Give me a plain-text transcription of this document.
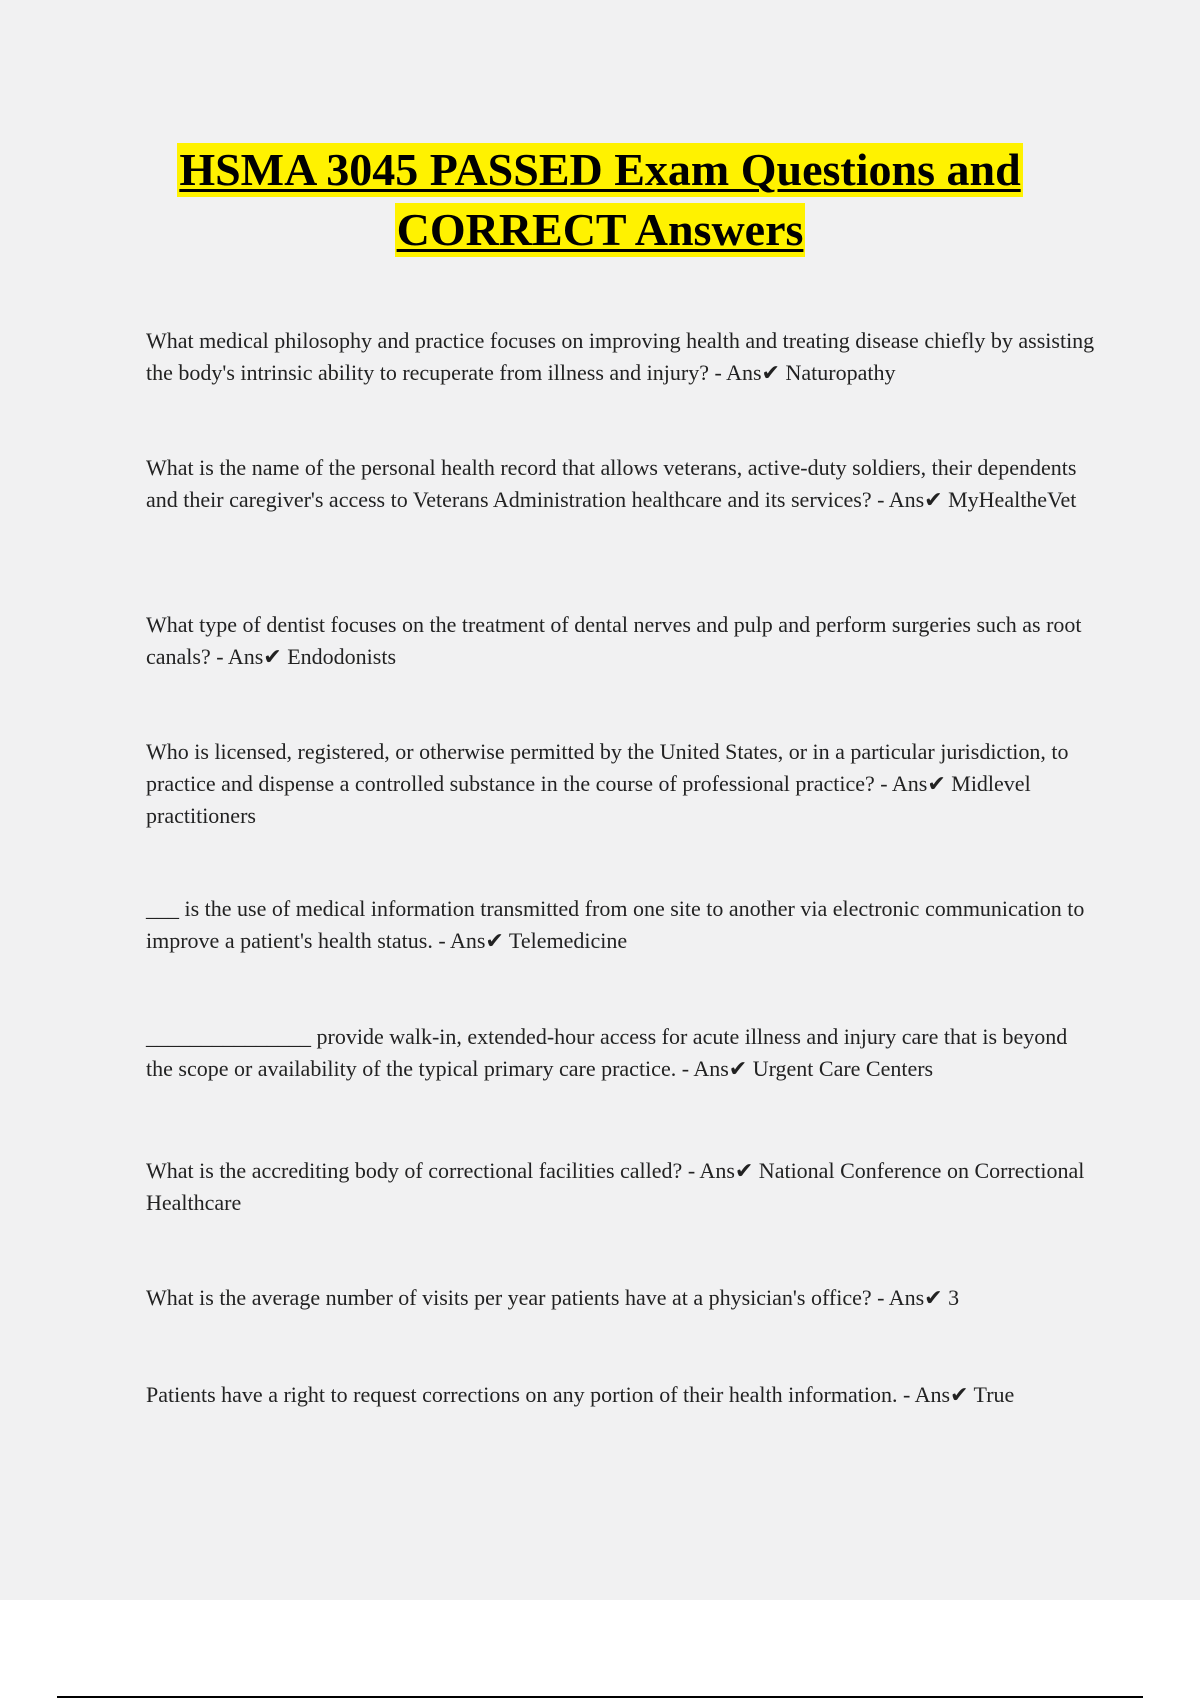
HSMA 3045 PASSED Exam Questions and
CORRECT Answers

What medical philosophy and practice focuses on improving health and treating disease chiefly by assisting the body's intrinsic ability to recuperate from illness and injury? - Ans✔ Naturopathy

What is the name of the personal health record that allows veterans, active-duty soldiers, their dependents and their caregiver's access to Veterans Administration healthcare and its services? - Ans✔ MyHealtheVet

What type of dentist focuses on the treatment of dental nerves and pulp and perform surgeries such as root canals? - Ans✔ Endodonists

Who is licensed, registered, or otherwise permitted by the United States, or in a particular jurisdiction, to practice and dispense a controlled substance in the course of professional practice? - Ans✔ Midlevel practitioners

___ is the use of medical information transmitted from one site to another via electronic communication to improve a patient's health status. - Ans✔ Telemedicine

_______________ provide walk-in, extended-hour access for acute illness and injury care that is beyond the scope or availability of the typical primary care practice. - Ans✔ Urgent Care Centers

What is the accrediting body of correctional facilities called? - Ans✔ National Conference on Correctional Healthcare

What is the average number of visits per year patients have at a physician's office? - Ans✔ 3

Patients have a right to request corrections on any portion of their health information. - Ans✔ True
